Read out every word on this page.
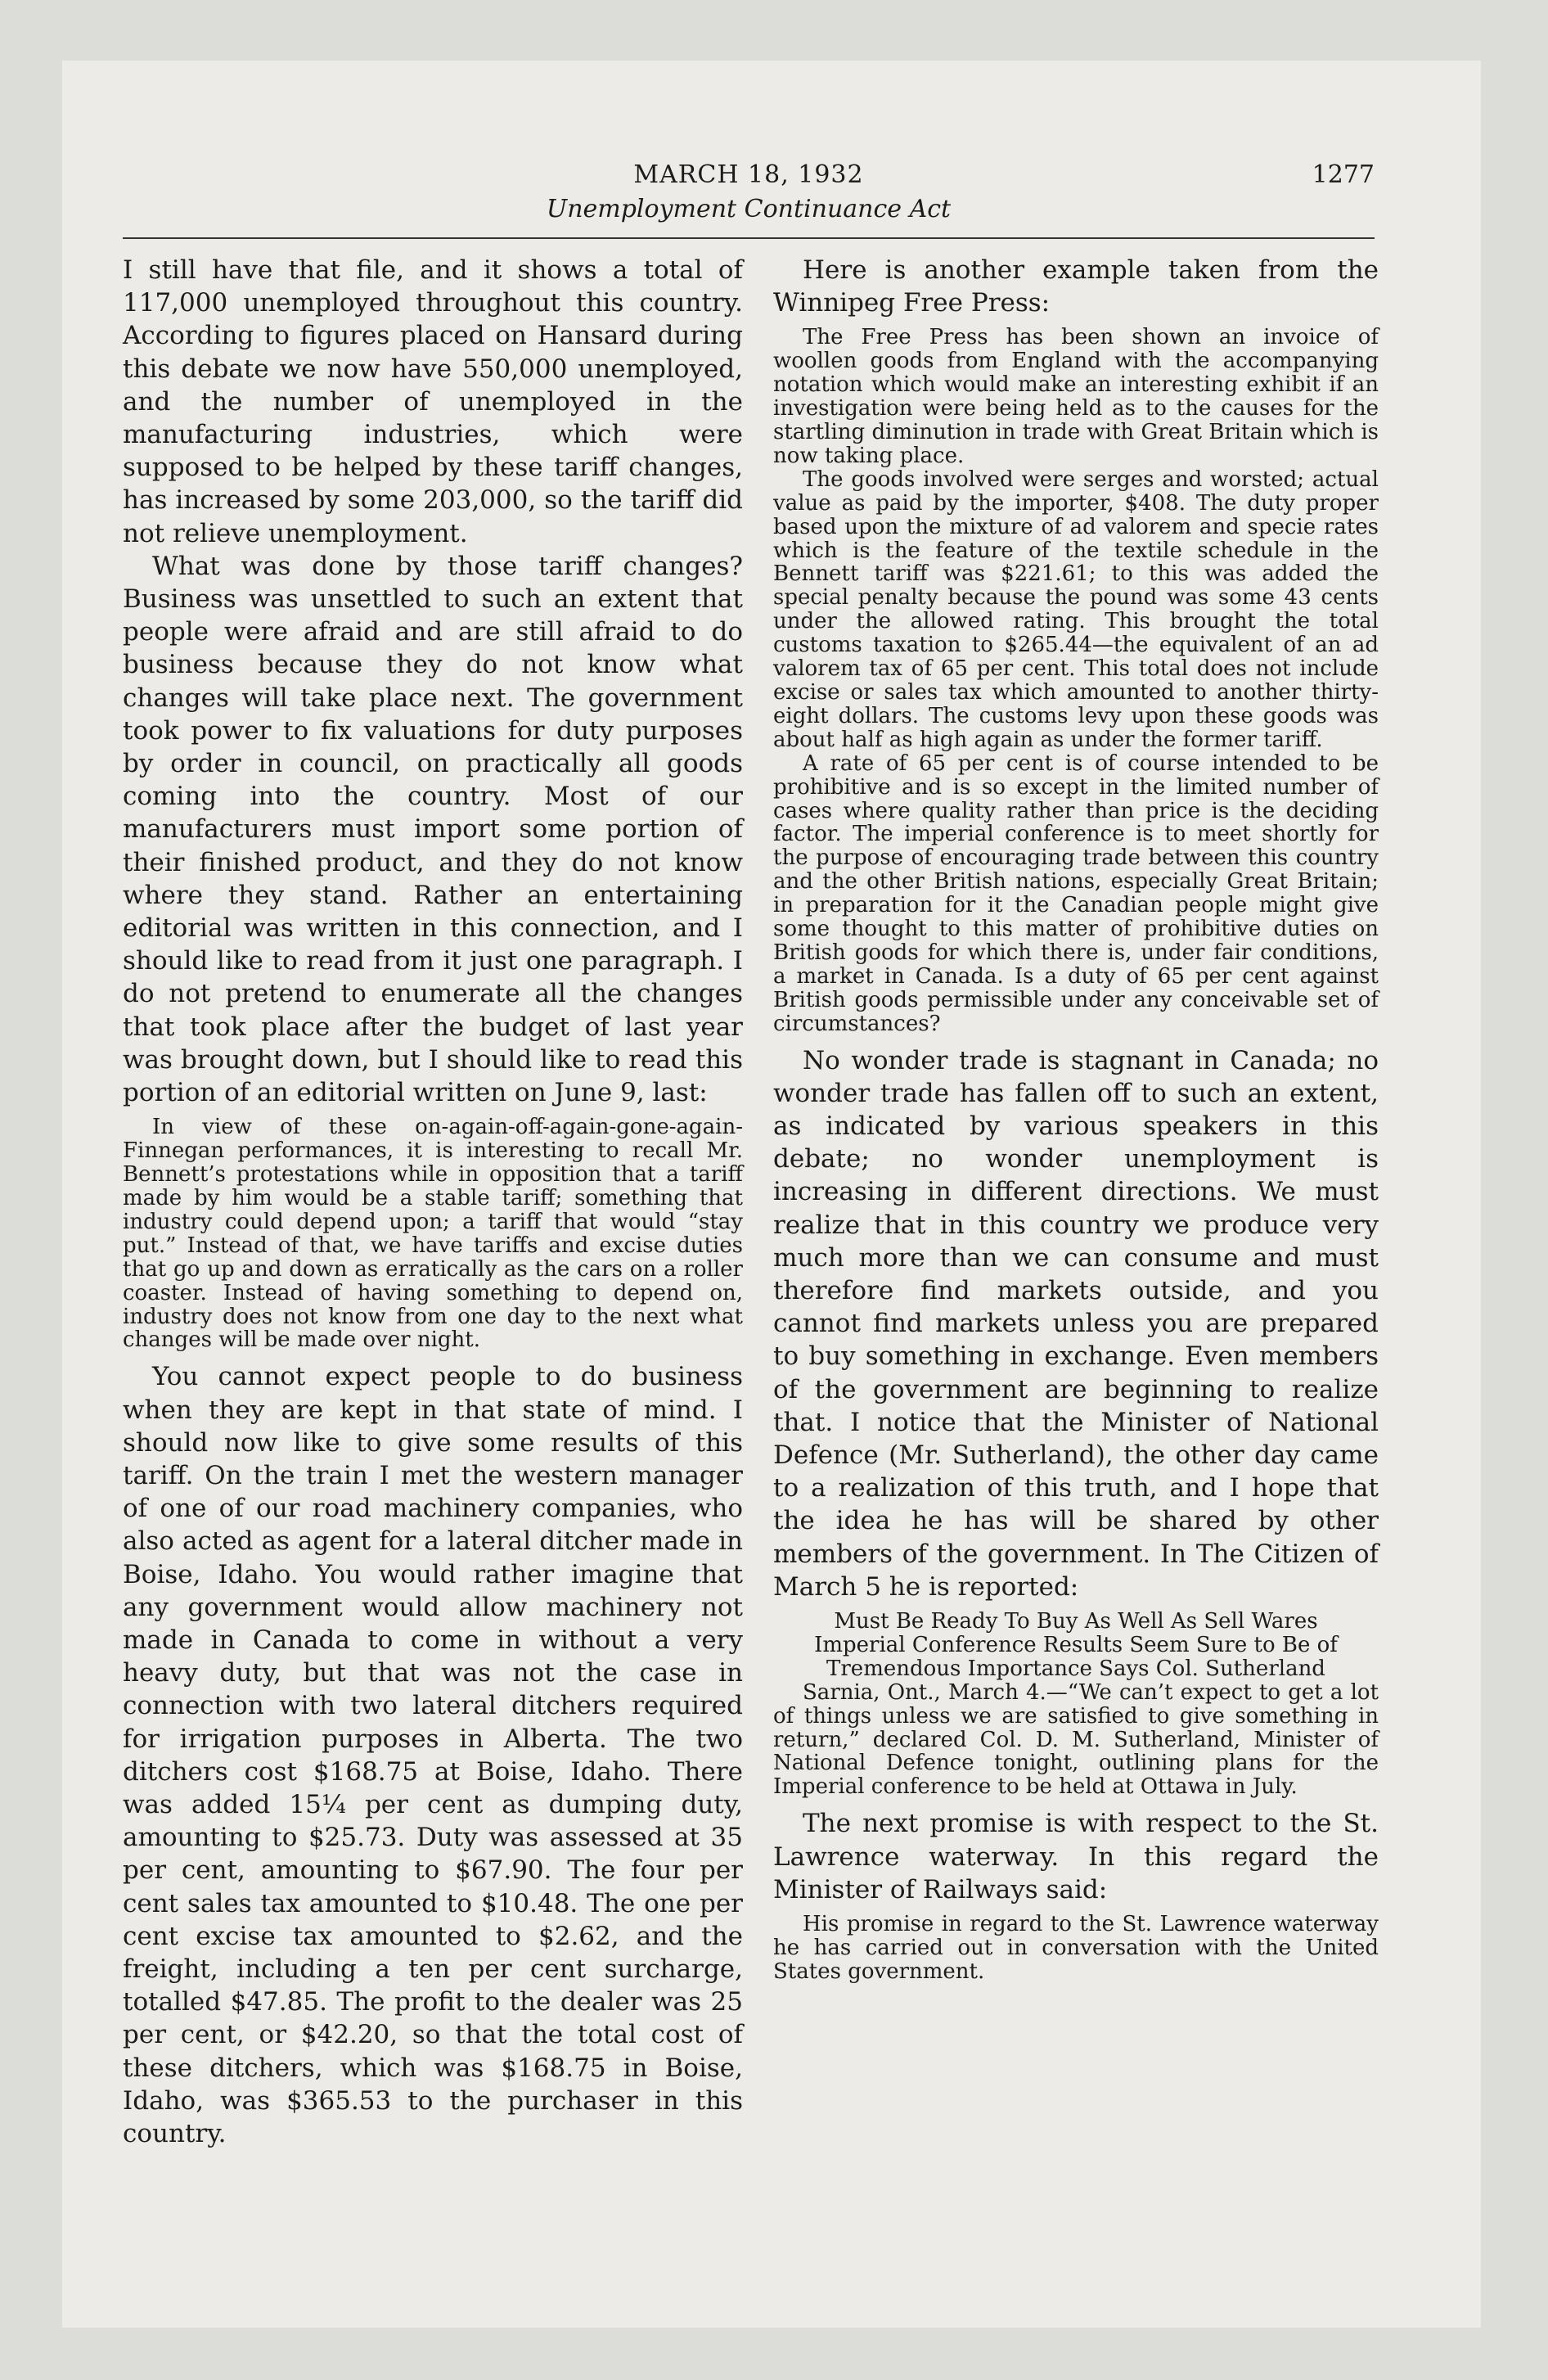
MARCH 18, 1932	1277
Unemployment Continuance Act

I still have that file, and it shows a total of 117,000 unemployed throughout this country. According to figures placed on Hansard during this debate we now have 550,000 unemployed, and the number of unemployed in the manufacturing industries, which were supposed to be helped by these tariff changes, has increased by some 203,000, so the tariff did not relieve unemployment.

What was done by those tariff changes? Business was unsettled to such an extent that people were afraid and are still afraid to do business because they do not know what changes will take place next. The government took power to fix valuations for duty purposes by order in council, on practically all goods coming into the country. Most of our manufacturers must import some portion of their finished product, and they do not know where they stand. Rather an entertaining editorial was written in this connection, and I should like to read from it just one paragraph. I do not pretend to enumerate all the changes that took place after the budget of last year was brought down, but I should like to read this portion of an editorial written on June 9, last:

In view of these on-again-off-again-gone-again-Finnegan performances, it is interesting to recall Mr. Bennett’s protestations while in opposition that a tariff made by him would be a stable tariff; something that industry could depend upon; a tariff that would “stay put.” Instead of that, we have tariffs and excise duties that go up and down as erratically as the cars on a roller coaster. Instead of having something to depend on, industry does not know from one day to the next what changes will be made over night.

You cannot expect people to do business when they are kept in that state of mind. I should now like to give some results of this tariff. On the train I met the western manager of one of our road machinery companies, who also acted as agent for a lateral ditcher made in Boise, Idaho. You would rather imagine that any government would allow machinery not made in Canada to come in without a very heavy duty, but that was not the case in connection with two lateral ditchers required for irrigation purposes in Alberta. The two ditchers cost $168.75 at Boise, Idaho. There was added 15¼ per cent as dumping duty, amounting to $25.73. Duty was assessed at 35 per cent, amounting to $67.90. The four per cent sales tax amounted to $10.48. The one per cent excise tax amounted to $2.62, and the freight, including a ten per cent surcharge, totalled $47.85. The profit to the dealer was 25 per cent, or $42.20, so that the total cost of these ditchers, which was $168.75 in Boise, Idaho, was $365.53 to the purchaser in this country.

Here is another example taken from the Winnipeg Free Press:

The Free Press has been shown an invoice of woollen goods from England with the accompanying notation which would make an interesting exhibit if an investigation were being held as to the causes for the startling diminution in trade with Great Britain which is now taking place.

The goods involved were serges and worsted; actual value as paid by the importer, $408. The duty proper based upon the mixture of ad valorem and specie rates which is the feature of the textile schedule in the Bennett tariff was $221.61; to this was added the special penalty because the pound was some 43 cents under the allowed rating. This brought the total customs taxation to $265.44—the equivalent of an ad valorem tax of 65 per cent. This total does not include excise or sales tax which amounted to another thirty-eight dollars. The customs levy upon these goods was about half as high again as under the former tariff.

A rate of 65 per cent is of course intended to be prohibitive and is so except in the limited number of cases where quality rather than price is the deciding factor. The imperial conference is to meet shortly for the purpose of encouraging trade between this country and the other British nations, especially Great Britain; in preparation for it the Canadian people might give some thought to this matter of prohibitive duties on British goods for which there is, under fair conditions, a market in Canada. Is a duty of 65 per cent against British goods permissible under any conceivable set of circumstances?

No wonder trade is stagnant in Canada; no wonder trade has fallen off to such an extent, as indicated by various speakers in this debate; no wonder unemployment is increasing in different directions. We must realize that in this country we produce very much more than we can consume and must therefore find markets outside, and you cannot find markets unless you are prepared to buy something in exchange. Even members of the government are beginning to realize that. I notice that the Minister of National Defence (Mr. Sutherland), the other day came to a realization of this truth, and I hope that the idea he has will be shared by other members of the government. In The Citizen of March 5 he is reported:

Must Be Ready To Buy As Well As Sell Wares

Imperial Conference Results Seem Sure to Be of Tremendous Importance Says Col. Sutherland

Sarnia, Ont., March 4.—“We can’t expect to get a lot of things unless we are satisfied to give something in return,” declared Col. D. M. Sutherland, Minister of National Defence tonight, outlining plans for the Imperial conference to be held at Ottawa in July.

The next promise is with respect to the St. Lawrence waterway. In this regard the Minister of Railways said:

His promise in regard to the St. Lawrence waterway he has carried out in conversation with the United States government.
